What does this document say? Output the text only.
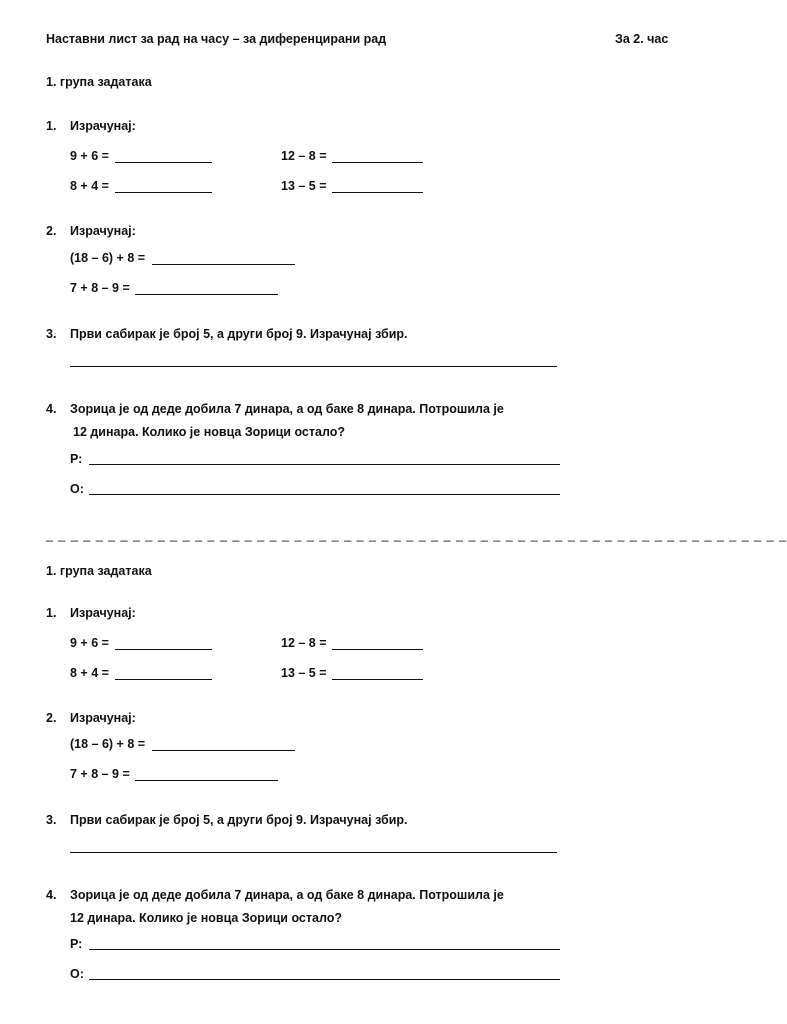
Наставни лист за рад на часу – за диференцирани рад	За 2. час
1. група задатака
1. Израчунај:
9 + 6 =	12 – 8 =
8 + 4 =	13 – 5 =
2. Израчунај:
(18 – 6) + 8 =
7 + 8 – 9 =
3. Први сабирак је број 5, а други број 9. Израчунај збир.
4. Зорица је од деде добила 7 динара, а од баке 8 динара. Потрошила је
12 динара. Колико је новца Зорици остало?
Р:
О:
_ _ _ _ _ _ _ _ _ _ _ _ _ _ _ _ _ _ _ _ _ _ _ _ _ _ _ _ _ _ _ _ _ _ _ _ _ _ _ _ _ _ _ _ _ _ _ _ _ _ _ _ _ _ _ _ _ _ _ _
1. група задатака
1. Израчунај:
9 + 6 =	12 – 8 =
8 + 4 =	13 – 5 =
2. Израчунај:
(18 – 6) + 8 =
7 + 8 – 9 =
3. Први сабирак је број 5, а други број 9. Израчунај збир.
4. Зорица је од деде добила 7 динара, а од баке 8 динара. Потрошила је
12 динара. Колико је новца Зорици остало?
Р:
О:
